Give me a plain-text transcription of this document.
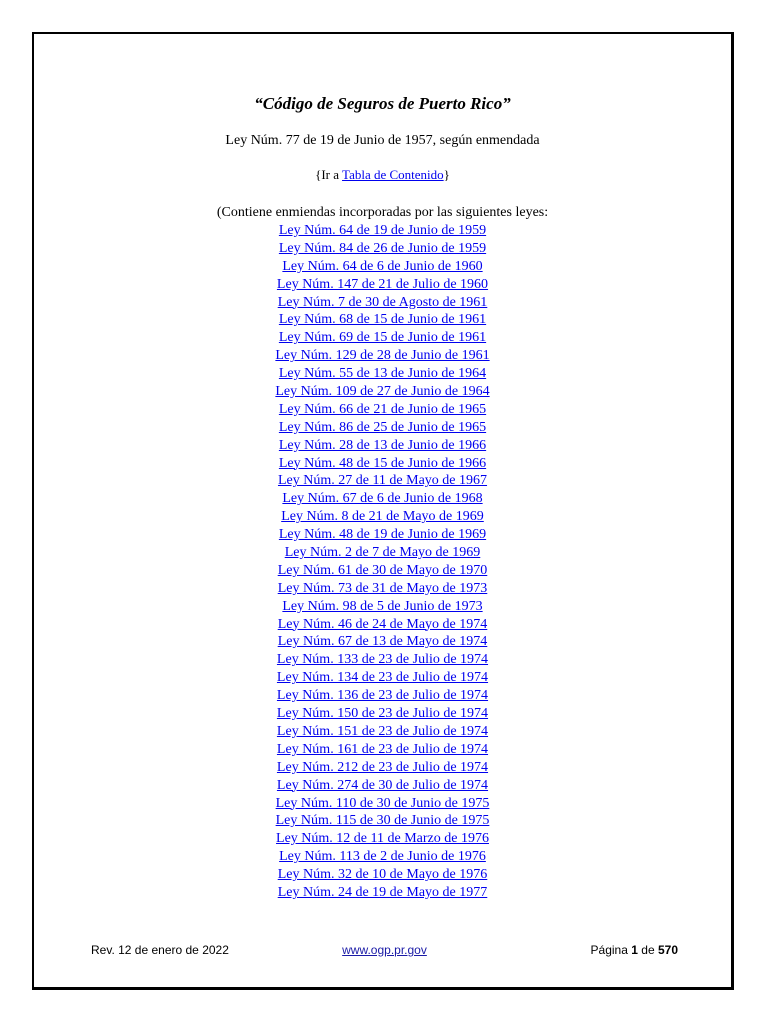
“Código de Seguros de Puerto Rico”

Ley Núm. 77 de 19 de Junio de 1957, según enmendada

{Ir a Tabla de Contenido}

(Contiene enmiendas incorporadas por las siguientes leyes:

Ley Núm. 64 de 19 de Junio de 1959
Ley Núm. 84 de 26 de Junio de 1959
Ley Núm. 64 de 6 de Junio de 1960
Ley Núm. 147 de 21 de Julio de 1960
Ley Núm. 7 de 30 de Agosto de 1961
Ley Núm. 68 de 15 de Junio de 1961
Ley Núm. 69 de 15 de Junio de 1961
Ley Núm. 129 de 28 de Junio de 1961
Ley Núm. 55 de 13 de Junio de 1964
Ley Núm. 109 de 27 de Junio de 1964
Ley Núm. 66 de 21 de Junio de 1965
Ley Núm. 86 de 25 de Junio de 1965
Ley Núm. 28 de 13 de Junio de 1966
Ley Núm. 48 de 15 de Junio de 1966
Ley Núm. 27 de 11 de Mayo de 1967
Ley Núm. 67 de 6 de Junio de 1968
Ley Núm. 8 de 21 de Mayo de 1969
Ley Núm. 48 de 19 de Junio de 1969
Ley Núm. 2 de 7 de Mayo de 1969
Ley Núm. 61 de 30 de Mayo de 1970
Ley Núm. 73 de 31 de Mayo de 1973
Ley Núm. 98 de 5 de Junio de 1973
Ley Núm. 46 de 24 de Mayo de 1974
Ley Núm. 67 de 13 de Mayo de 1974
Ley Núm. 133 de 23 de Julio de 1974
Ley Núm. 134 de 23 de Julio de 1974
Ley Núm. 136 de 23 de Julio de 1974
Ley Núm. 150 de 23 de Julio de 1974
Ley Núm. 151 de 23 de Julio de 1974
Ley Núm. 161 de 23 de Julio de 1974
Ley Núm. 212 de 23 de Julio de 1974
Ley Núm. 274 de 30 de Julio de 1974
Ley Núm. 110 de 30 de Junio de 1975
Ley Núm. 115 de 30 de Junio de 1975
Ley Núm. 12 de 11 de Marzo de 1976
Ley Núm. 113 de 2 de Junio de 1976
Ley Núm. 32 de 10 de Mayo de 1976
Ley Núm. 24 de 19 de Mayo de 1977
Rev. 12 de enero de 2022	www.ogp.pr.gov	Página 1 de 570
